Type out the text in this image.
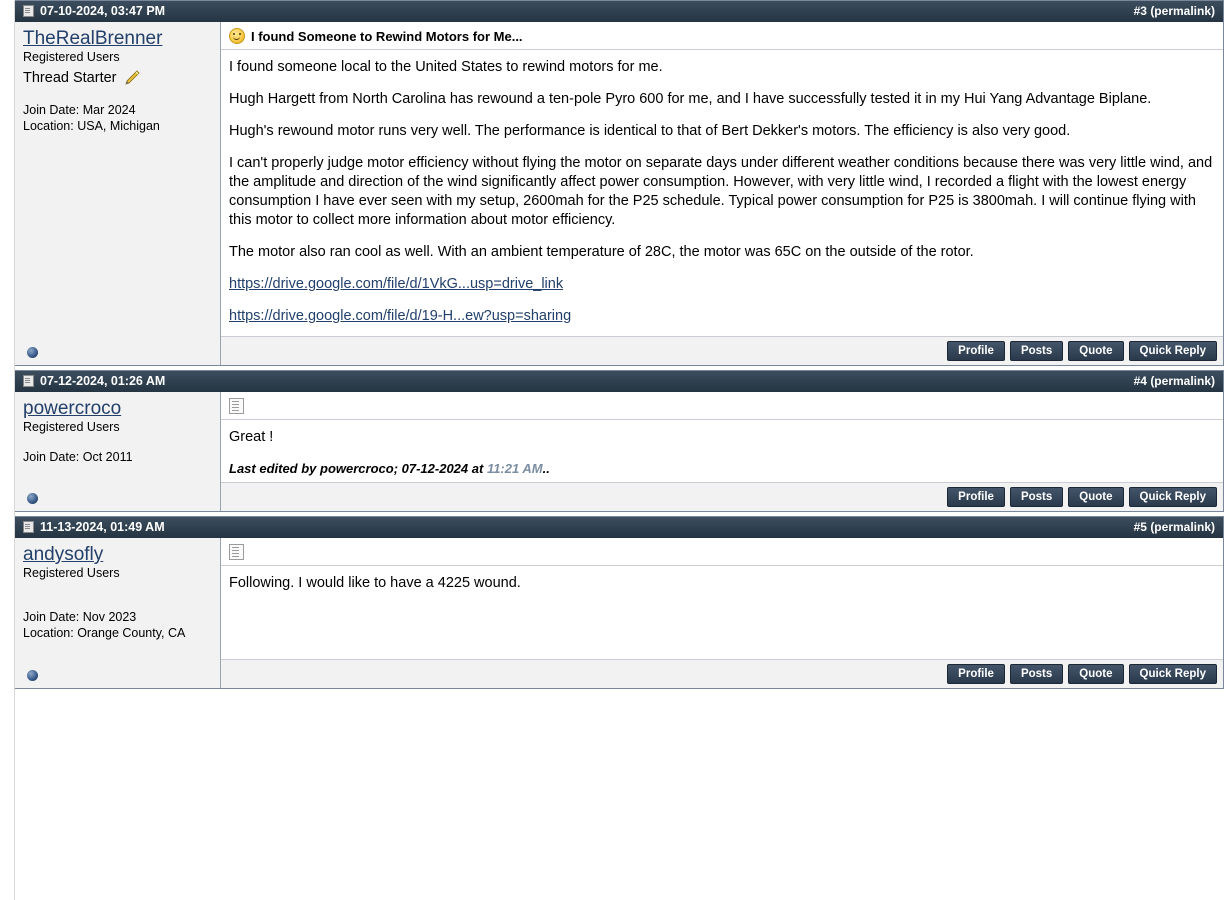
07-10-2024, 03:47 PM	#3 (permalink)
TheRealBrenner
Registered Users
Thread Starter
Join Date: Mar 2024
Location: USA, Michigan
I found Someone to Rewind Motors for Me...

I found someone local to the United States to rewind motors for me.

Hugh Hargett from North Carolina has rewound a ten-pole Pyro 600 for me, and I have successfully tested it in my Hui Yang Advantage Biplane.

Hugh's rewound motor runs very well. The performance is identical to that of Bert Dekker's motors. The efficiency is also very good.

I can't properly judge motor efficiency without flying the motor on separate days under different weather conditions because there was very little wind, and the amplitude and direction of the wind significantly affect power consumption. However, with very little wind, I recorded a flight with the lowest energy consumption I have ever seen with my setup, 2600mah for the P25 schedule. Typical power consumption for P25 is 3800mah. I will continue flying with this motor to collect more information about motor efficiency.

The motor also ran cool as well. With an ambient temperature of 28C, the motor was 65C on the outside of the rotor.

https://drive.google.com/file/d/1VkG...usp=drive_link

https://drive.google.com/file/d/19-H...ew?usp=sharing

Profile	Posts	Quote	Quick Reply
07-12-2024, 01:26 AM	#4 (permalink)
powercroco
Registered Users
Join Date: Oct 2011

Great !

Last edited by powercroco; 07-12-2024 at 11:21 AM..
Profile	Posts	Quote	Quick Reply
11-13-2024, 01:49 AM	#5 (permalink)
andysofly
Registered Users
Join Date: Nov 2023
Location: Orange County, CA

Following. I would like to have a 4225 wound.

Profile	Posts	Quote	Quick Reply
